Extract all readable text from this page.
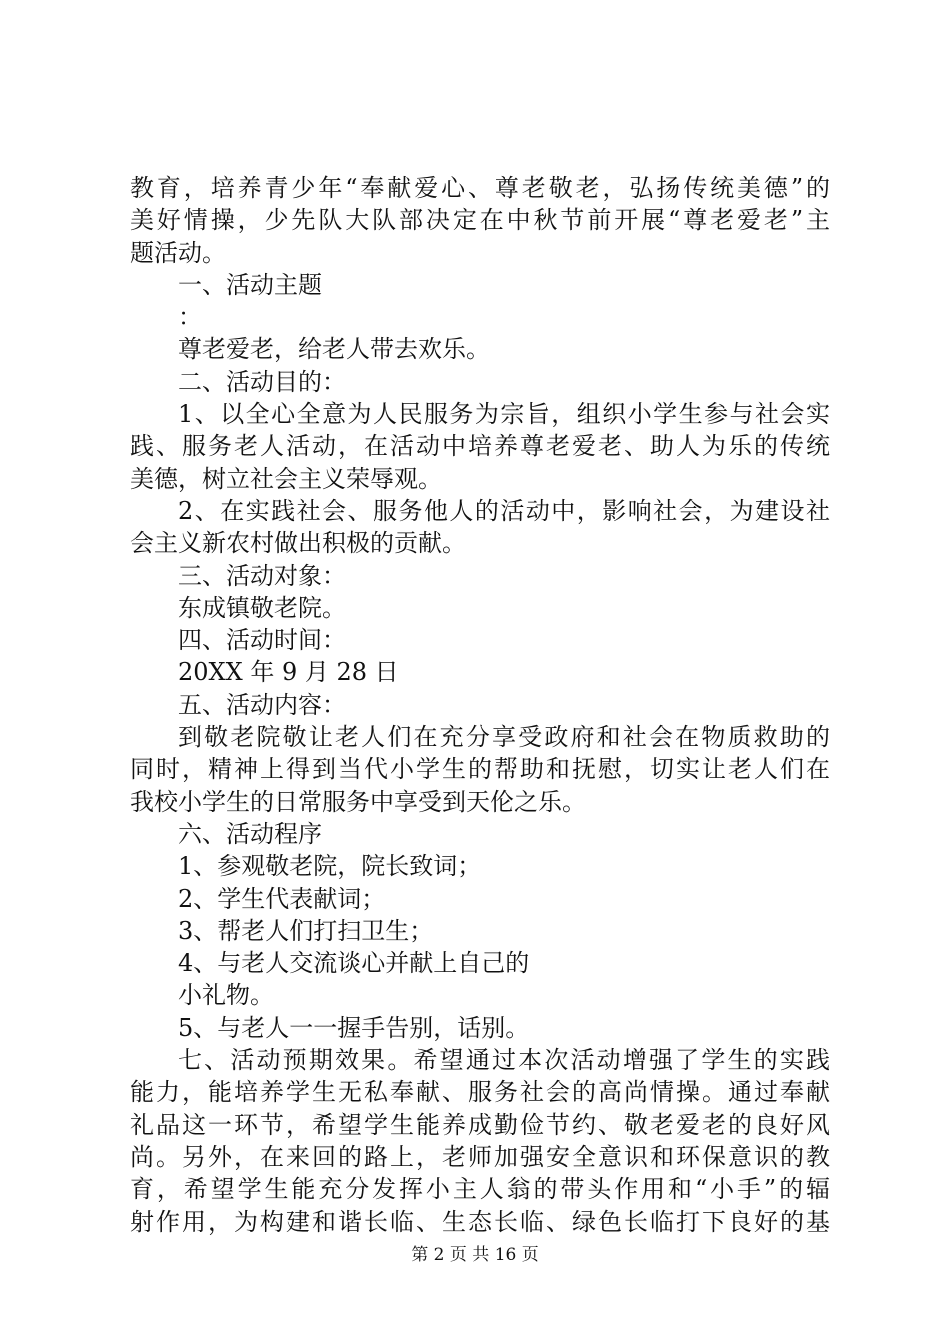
教育，培养青少年“奉献爱心、尊老敬老，弘扬传统美德”的
美好情操，少先队大队部决定在中秋节前开展“尊老爱老”主
题活动。
一、活动主题
：
尊老爱老，给老人带去欢乐。
二、活动目的：
1、以全心全意为人民服务为宗旨，组织小学生参与社会实
践、服务老人活动，在活动中培养尊老爱老、助人为乐的传统
美德，树立社会主义荣辱观。
2、在实践社会、服务他人的活动中，影响社会，为建设社
会主义新农村做出积极的贡献。
三、活动对象：
东成镇敬老院。
四、活动时间：
20XX 年 9 月 28 日
五、活动内容：
到敬老院敬让老人们在充分享受政府和社会在物质救助的
同时，精神上得到当代小学生的帮助和抚慰，切实让老人们在
我校小学生的日常服务中享受到天伦之乐。
六、活动程序
1、参观敬老院，院长致词；
2、学生代表献词；
3、帮老人们打扫卫生；
4、与老人交流谈心并献上自己的
小礼物。
5、与老人一一握手告别，话别。
七、活动预期效果。希望通过本次活动增强了学生的实践
能力，能培养学生无私奉献、服务社会的高尚情操。通过奉献
礼品这一环节，希望学生能养成勤俭节约、敬老爱老的良好风
尚。另外，在来回的路上，老师加强安全意识和环保意识的教
育，希望学生能充分发挥小主人翁的带头作用和“小手”的辐
射作用，为构建和谐长临、生态长临、绿色长临打下良好的基
第 2 页 共 16 页
